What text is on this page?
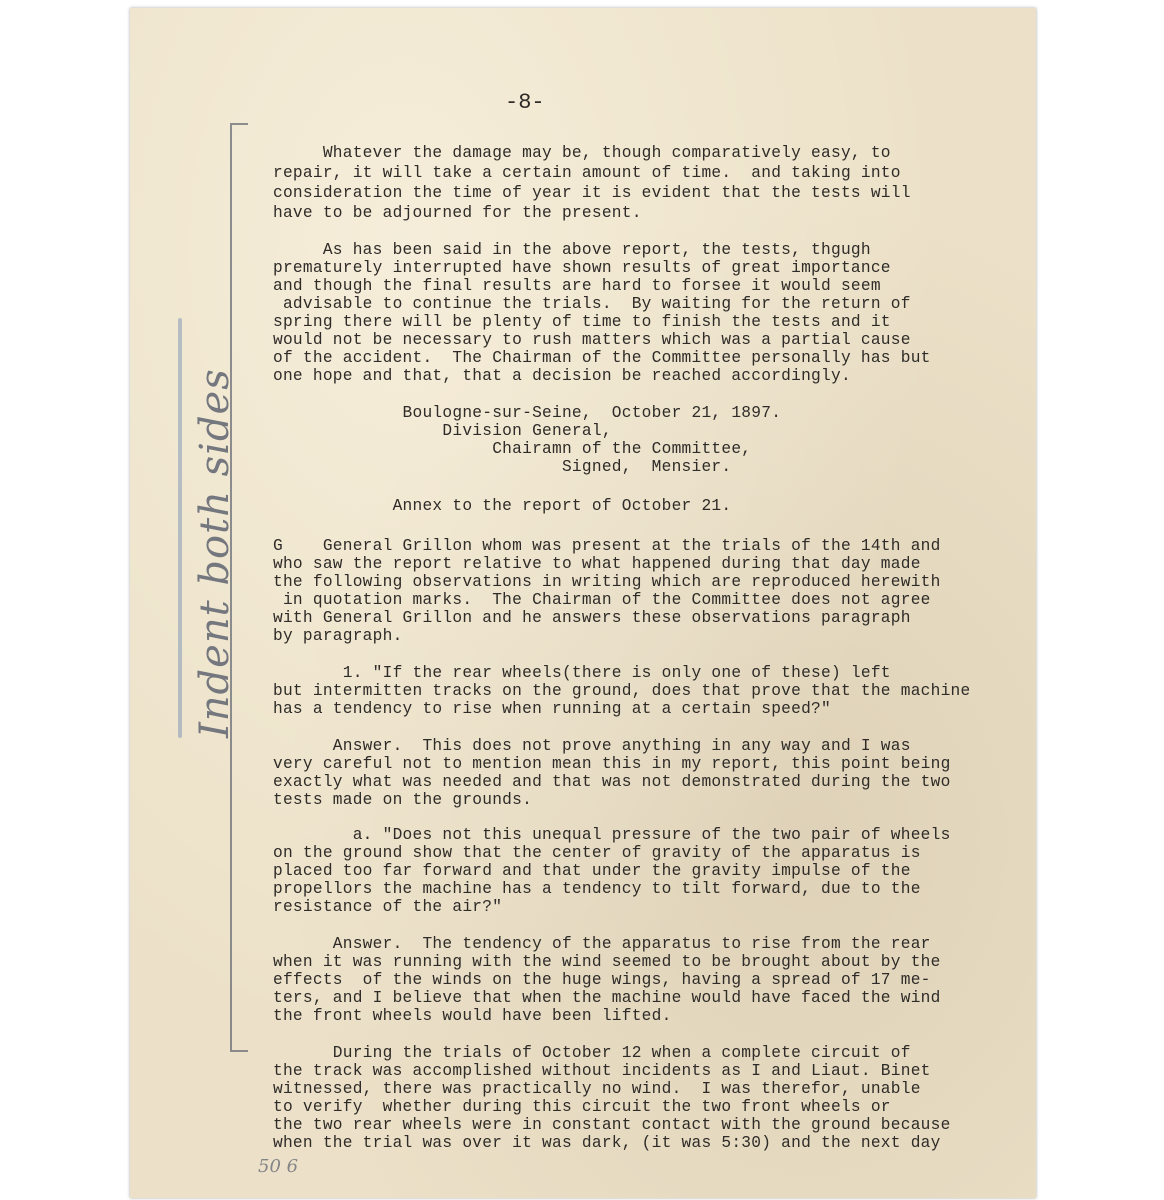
Indent both sides
-8-
Whatever the damage may be, though comparatively easy, to
repair, it will take a certain amount of time.  and taking into
consideration the time of year it is evident that the tests will
have to be adjourned for the present.
As has been said in the above report, the tests, thgugh
prematurely interrupted have shown results of great importance
and though the final results are hard to forsee it would seem
advisable to continue the trials.  By waiting for the return of
spring there will be plenty of time to finish the tests and it
would not be necessary to rush matters which was a partial cause
of the accident.  The Chairman of the Committee personally has but
one hope and that, that a decision be reached accordingly.
Boulogne-sur-Seine,  October 21, 1897.
Division General,
Chairamn of the Committee,
Signed,  Mensier.
Annex to the report of October 21.
G    General Grillon whom was present at the trials of the 14th and
who saw the report relative to what happened during that day made
the following observations in writing which are reproduced herewith
in quotation marks.  The Chairman of the Committee does not agree
with General Grillon and he answers these observations paragraph
by paragraph.
1. "If the rear wheels(there is only one of these) left
but intermitten tracks on the ground, does that prove that the machine
has a tendency to rise when running at a certain speed?"
Answer.  This does not prove anything in any way and I was
very careful not to mention mean this in my report, this point being
exactly what was needed and that was not demonstrated during the two
tests made on the grounds.
a. "Does not this unequal pressure of the two pair of wheels
on the ground show that the center of gravity of the apparatus is
placed too far forward and that under the gravity impulse of the
propellors the machine has a tendency to tilt forward, due to the
resistance of the air?"
Answer.  The tendency of the apparatus to rise from the rear
when it was running with the wind seemed to be brought about by the
effects  of the winds on the huge wings, having a spread of 17 me-
ters, and I believe that when the machine would have faced the wind
the front wheels would have been lifted.
During the trials of October 12 when a complete circuit of
the track was accomplished without incidents as I and Liaut. Binet
witnessed, there was practically no wind.  I was therefor, unable
to verify  whether during this circuit the two front wheels or
the two rear wheels were in constant contact with the ground because
when the trial was over it was dark, (it was 5:30) and the next day
50 6
